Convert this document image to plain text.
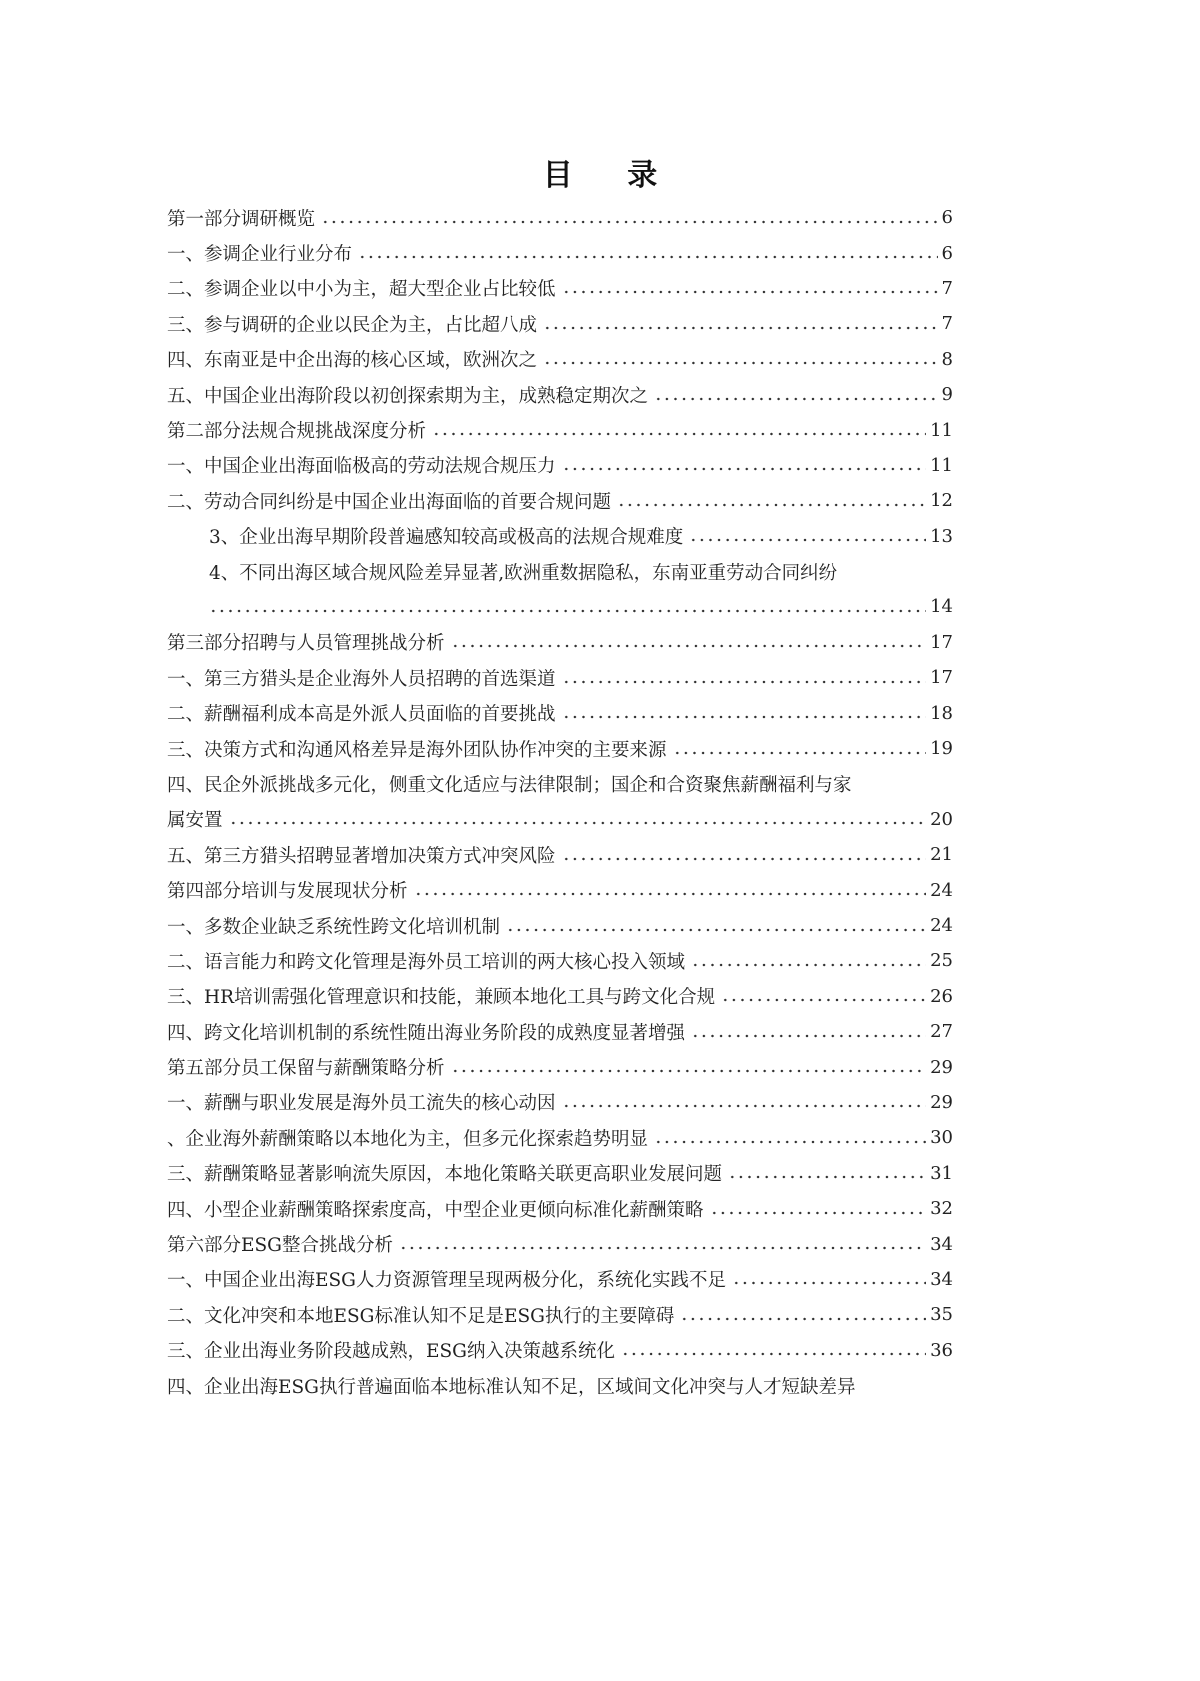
目 录
第一部分调研概览	6
一、参调企业行业分布	6
二、参调企业以中小为主，超大型企业占比较低	7
三、参与调研的企业以民企为主，占比超八成	7
四、东南亚是中企出海的核心区域，欧洲次之	8
五、中国企业出海阶段以初创探索期为主，成熟稳定期次之	9
第二部分法规合规挑战深度分析	11
一、中国企业出海面临极高的劳动法规合规压力	11
二、劳动合同纠纷是中国企业出海面临的首要合规问题	12
3、企业出海早期阶段普遍感知较高或极高的法规合规难度	13
4、不同出海区域合规风险差异显著,欧洲重数据隐私，东南亚重劳动合同纠纷
14
第三部分招聘与人员管理挑战分析	17
一、第三方猎头是企业海外人员招聘的首选渠道	17
二、薪酬福利成本高是外派人员面临的首要挑战	18
三、决策方式和沟通风格差异是海外团队协作冲突的主要来源	19
四、民企外派挑战多元化，侧重文化适应与法律限制；国企和合资聚焦薪酬福利与家
属安置	20
五、第三方猎头招聘显著增加决策方式冲突风险	21
第四部分培训与发展现状分析	24
一、多数企业缺乏系统性跨文化培训机制	24
二、语言能力和跨文化管理是海外员工培训的两大核心投入领域	25
三、HR培训需强化管理意识和技能，兼顾本地化工具与跨文化合规	26
四、跨文化培训机制的系统性随出海业务阶段的成熟度显著增强	27
第五部分员工保留与薪酬策略分析	29
一、薪酬与职业发展是海外员工流失的核心动因	29
、企业海外薪酬策略以本地化为主，但多元化探索趋势明显	30
三、薪酬策略显著影响流失原因，本地化策略关联更高职业发展问题	31
四、小型企业薪酬策略探索度高，中型企业更倾向标准化薪酬策略	32
第六部分ESG整合挑战分析	34
一、中国企业出海ESG人力资源管理呈现两极分化，系统化实践不足	34
二、文化冲突和本地ESG标准认知不足是ESG执行的主要障碍	35
三、企业出海业务阶段越成熟，ESG纳入决策越系统化	36
四、企业出海ESG执行普遍面临本地标准认知不足，区域间文化冲突与人才短缺差异
